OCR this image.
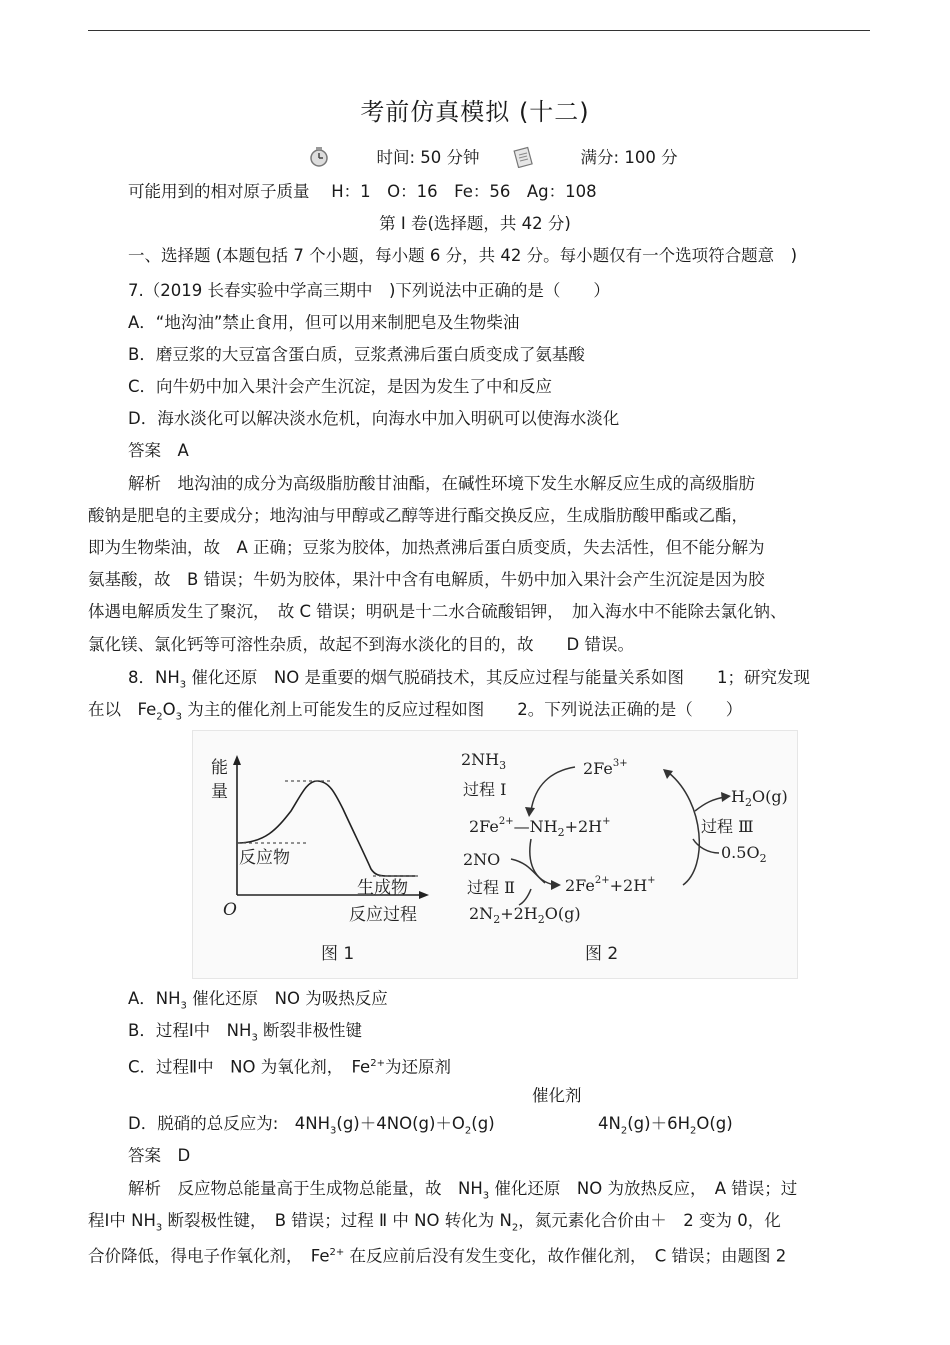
考前仿真模拟 (十二)
时间: 50 分钟	满分: 100 分
可能用到的相对原子质量　 H：1　O：16　Fe：56　Ag：108
第 Ⅰ 卷(选择题，共 42 分)
一、选择题 (本题包括 7 个小题，每小题 6 分，共 42 分。每小题仅有一个选项符合题意　)
7.（2019 长春实验中学高三期中　)下列说法中正确的是（　　）
A．“地沟油”禁止食用，但可以用来制肥皂及生物柴油
B．磨豆浆的大豆富含蛋白质，豆浆煮沸后蛋白质变成了氨基酸
C．向牛奶中加入果汁会产生沉淀，是因为发生了中和反应
D．海水淡化可以解决淡水危机，向海水中加入明矾可以使海水淡化
答案　A
解析　地沟油的成分为高级脂肪酸甘油酯，在碱性环境下发生水解反应生成的高级脂肪
酸钠是肥皂的主要成分；地沟油与甲醇或乙醇等进行酯交换反应，生成脂肪酸甲酯或乙酯，
即为生物柴油，故　A 正确；豆浆为胶体，加热煮沸后蛋白质变质，失去活性，但不能分解为
氨基酸，故　B 错误；牛奶为胶体，果汁中含有电解质，牛奶中加入果汁会产生沉淀是因为胶
体遇电解质发生了聚沉，　故 C 错误；明矾是十二水合硫酸铝钾，　加入海水中不能除去氯化钠、
氯化镁、氯化钙等可溶性杂质，故起不到海水淡化的目的，故　　D 错误。
8．$NH_3$ 催化还原　NO 是重要的烟气脱硝技术，其反应过程与能量关系如图　　1；研究发现
在以　$Fe_2O_3$ 为主的催化剂上可能发生的反应过程如图　　2。下列说法正确的是（　　）
能
量
反应物
生成物
O	反应过程
图 1
$2NH_3$
过程 Ⅰ
$2Fe^{3+}$
$H_2O(g)$
$2Fe^{2+}—NH_2+2H^+$	过程 Ⅲ
2NO	$0.5O_2$
过程 Ⅱ	$2Fe^{2+}+2H^+$
$2N_2+2H_2O(g)$
图 2
A．$NH_3$ 催化还原　NO 为吸热反应
B．过程Ⅰ中　$NH_3$ 断裂非极性键
C．过程Ⅱ中　NO 为氧化剂，　$Fe^{2+}$为还原剂
催化剂
D．脱硝的总反应为:　$4NH_3(g)+4NO(g)+O_2(g)$	$4N_2(g)+6H_2O(g)$
答案　D
解析　反应物总能量高于生成物总能量，故　$NH_3$ 催化还原　NO 为放热反应，　A 错误；过
程Ⅰ中 $NH_3$ 断裂极性键，　B 错误；过程 Ⅱ 中 NO 转化为 $N_2$，氮元素化合价由＋　2 变为 0，化
合价降低，得电子作氧化剂，　$Fe^{2+}$ 在反应前后没有发生变化，故作催化剂，　C 错误；由题图 2
